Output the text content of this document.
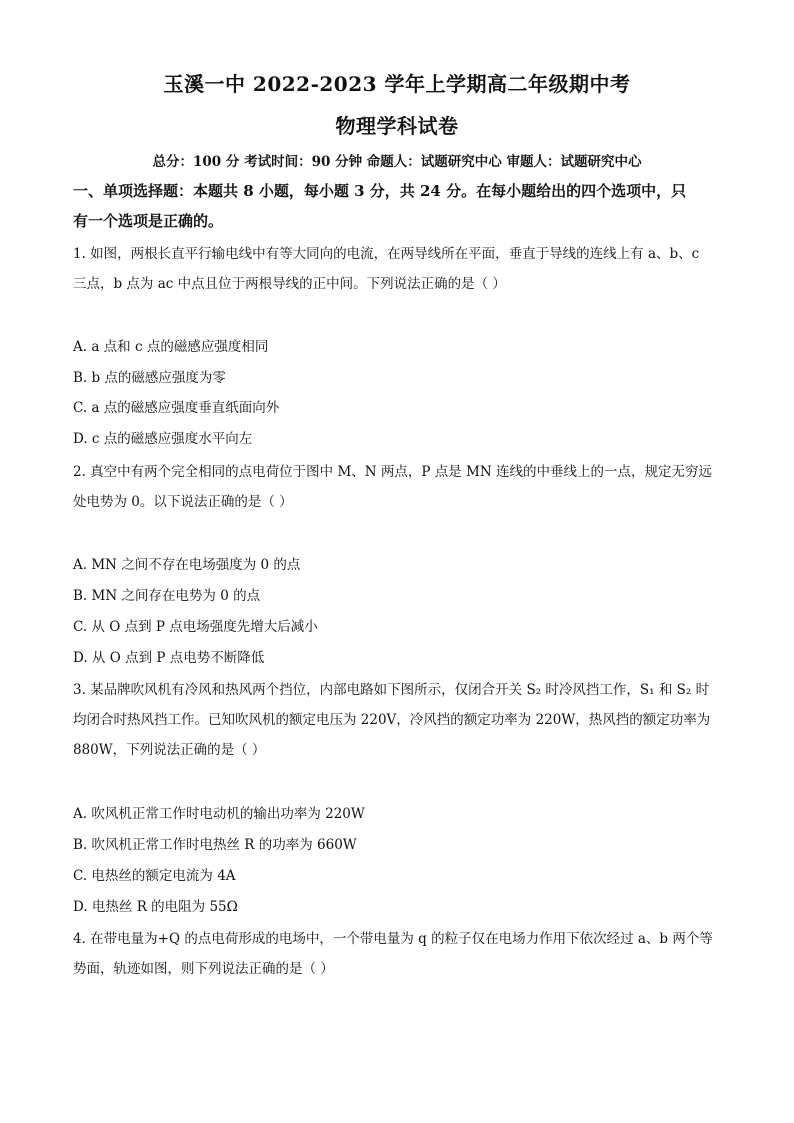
玉溪一中 2022-2023 学年上学期高二年级期中考
物理学科试卷
总分：100 分 考试时间：90 分钟 命题人：试题研究中心 审题人：试题研究中心
一、单项选择题：本题共 8 小题，每小题 3 分，共 24 分。在每小题给出的四个选项中，只
有一个选项是正确的。
1. 如图，两根长直平行输电线中有等大同向的电流，在两导线所在平面，垂直于导线的连线上有 a、b、c
三点，b 点为 ac 中点且位于两根导线的正中间。下列说法正确的是（ ）
A. a 点和 c 点的磁感应强度相同
B. b 点的磁感应强度为零
C. a 点的磁感应强度垂直纸面向外
D. c 点的磁感应强度水平向左
2. 真空中有两个完全相同的点电荷位于图中 M、N 两点，P 点是 MN 连线的中垂线上的一点，规定无穷远
处电势为 0。以下说法正确的是（ ）
A. MN 之间不存在电场强度为 0 的点
B. MN 之间存在电势为 0 的点
C. 从 O 点到 P 点电场强度先增大后减小
D. 从 O 点到 P 点电势不断降低
3. 某品牌吹风机有冷风和热风两个挡位，内部电路如下图所示，仅闭合开关 S₂ 时冷风挡工作，S₁ 和 S₂ 时
均闭合时热风挡工作。已知吹风机的额定电压为 220V，冷风挡的额定功率为 220W，热风挡的额定功率为
880W，下列说法正确的是（ ）
A. 吹风机正常工作时电动机的输出功率为 220W
B. 吹风机正常工作时电热丝 R 的功率为 660W
C. 电热丝的额定电流为 4A
D. 电热丝 R 的电阻为 55Ω
4. 在带电量为+Q 的点电荷形成的电场中，一个带电量为 q 的粒子仅在电场力作用下依次经过 a、b 两个等
势面，轨迹如图，则下列说法正确的是（ ）
